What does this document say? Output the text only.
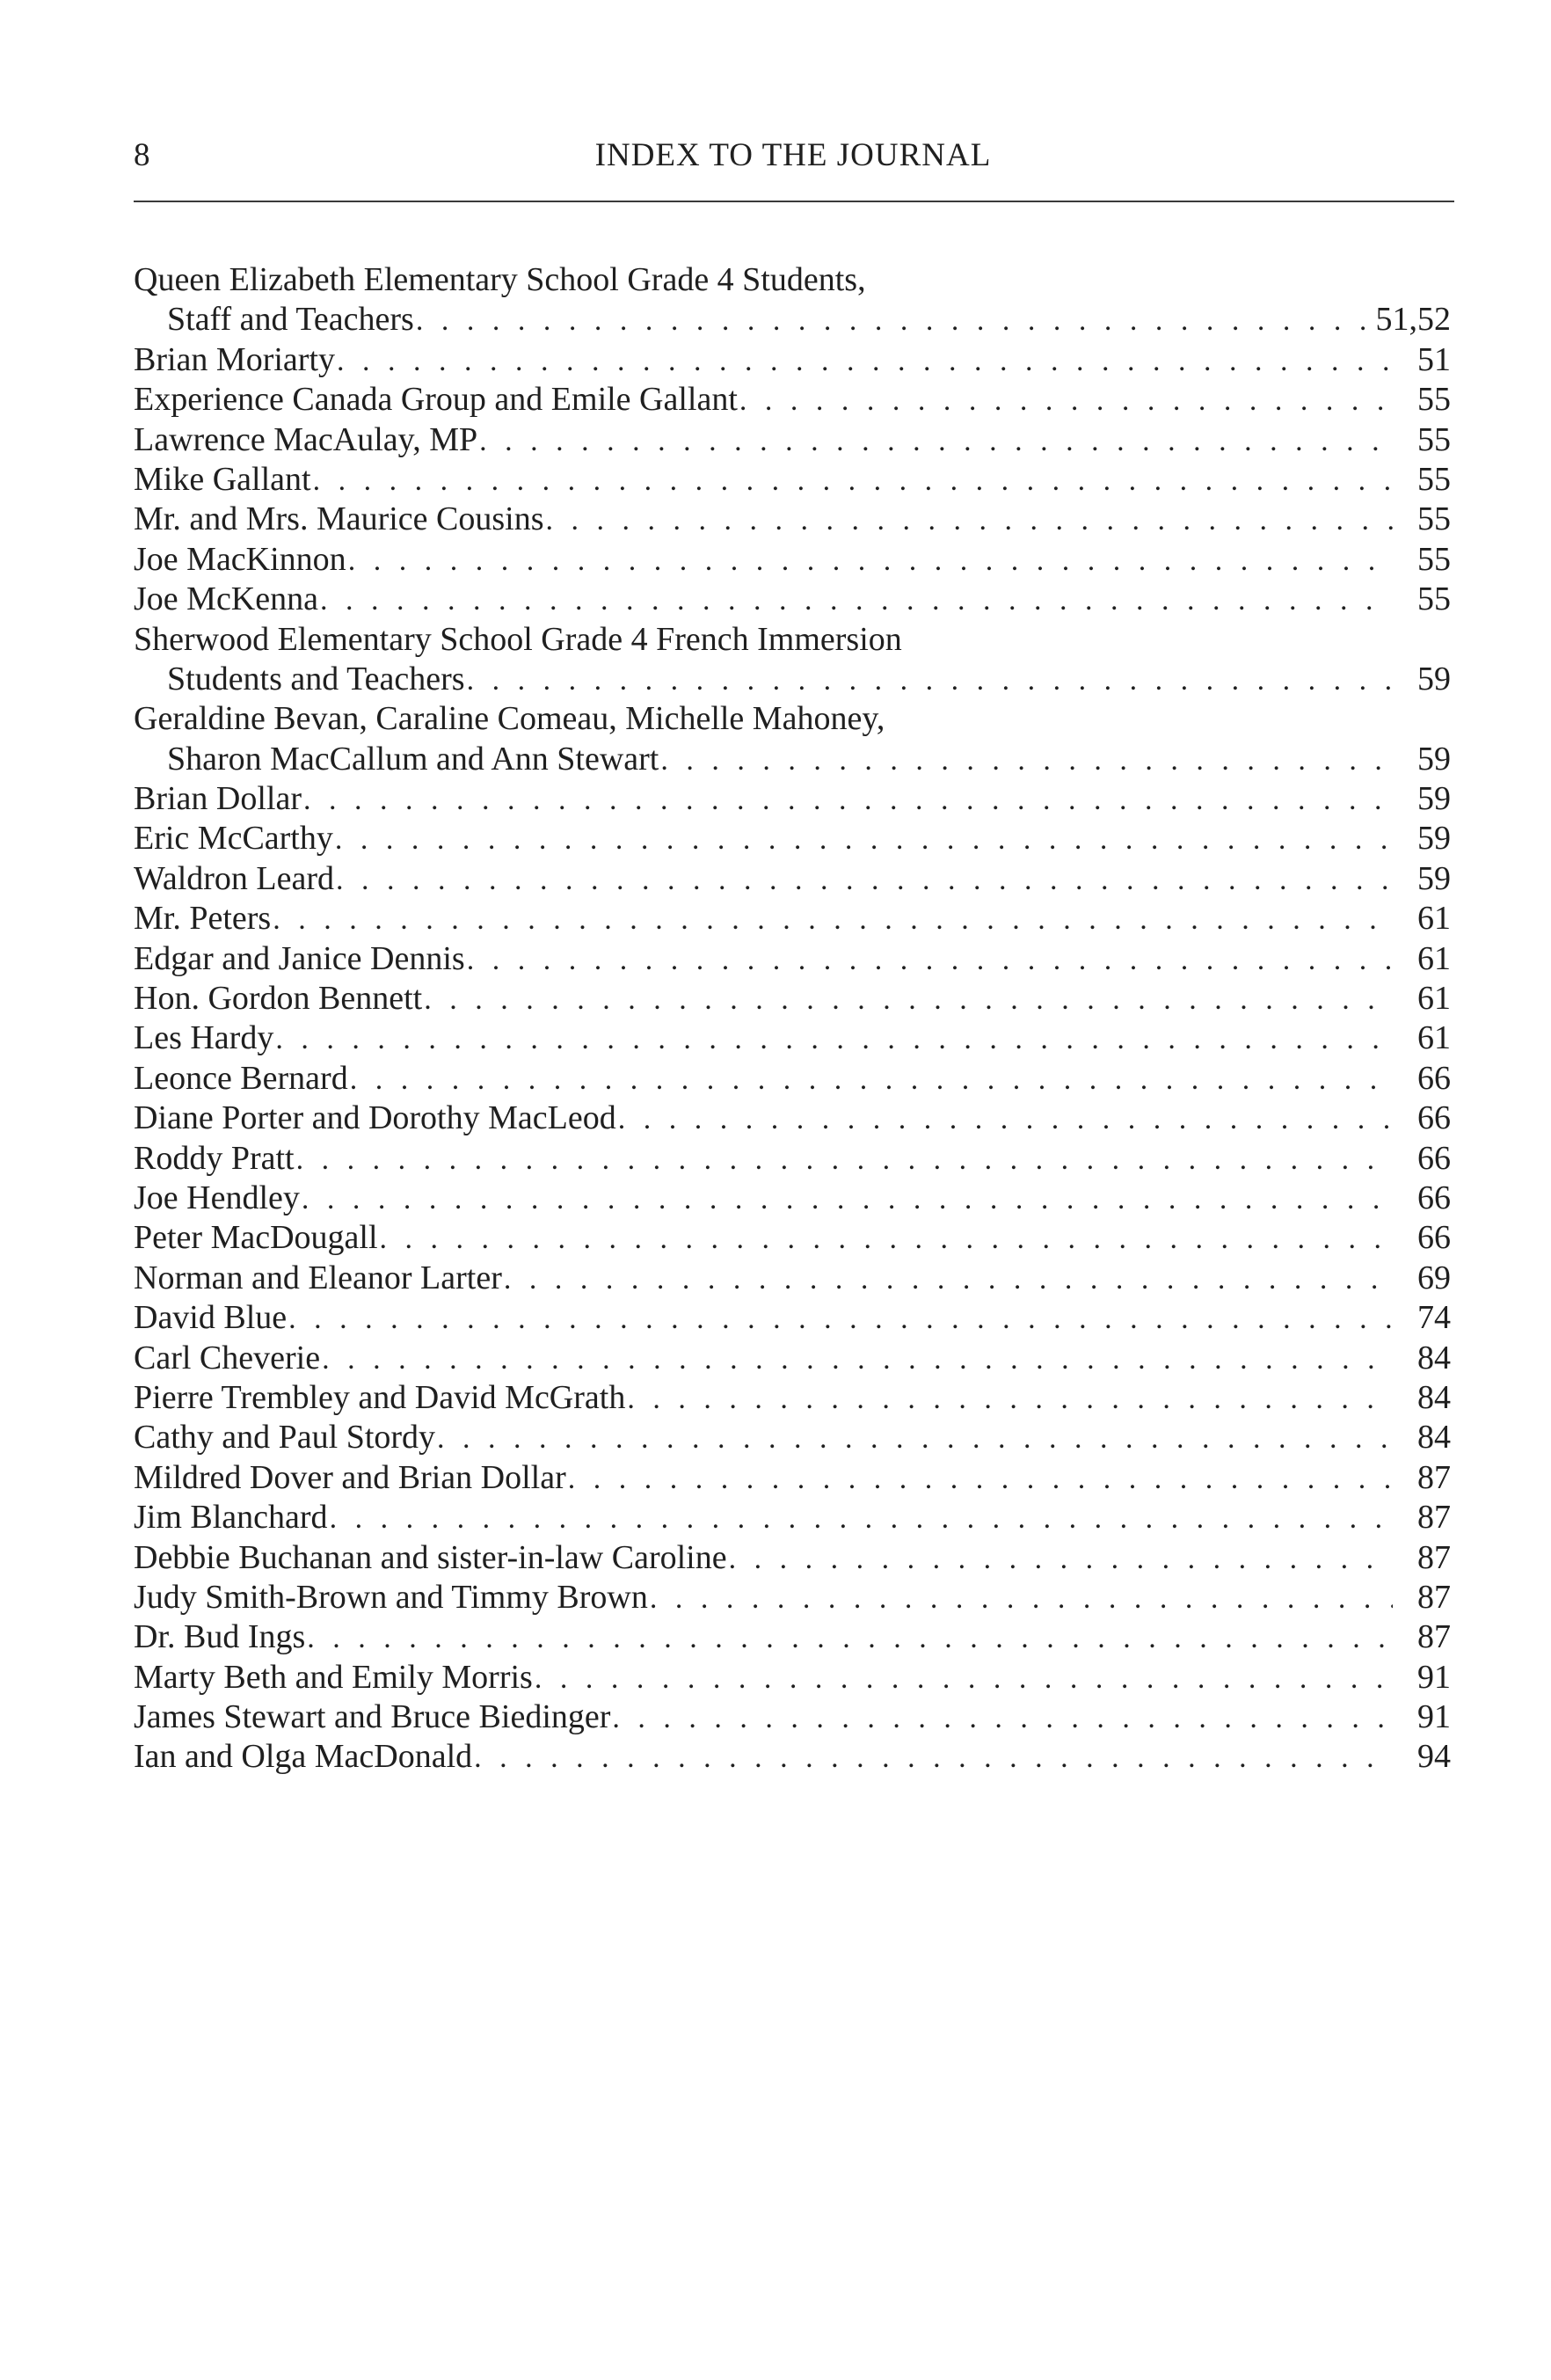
8	INDEX TO THE JOURNAL
Queen Elizabeth Elementary School Grade 4 Students,
Staff and Teachers . . .	51,52
Brian Moriarty . . .	51
Experience Canada Group and Emile Gallant . . .	55
Lawrence MacAulay, MP . . .	55
Mike Gallant . . .	55
Mr. and Mrs. Maurice Cousins . . .	55
Joe MacKinnon . . .	55
Joe McKenna . . .	55
Sherwood Elementary School Grade 4 French Immersion
Students and Teachers . . .	59
Geraldine Bevan, Caraline Comeau, Michelle Mahoney,
Sharon MacCallum and Ann Stewart . . .	59
Brian Dollar . . .	59
Eric McCarthy . . .	59
Waldron Leard . . .	59
Mr. Peters . . .	61
Edgar and Janice Dennis . . .	61
Hon. Gordon Bennett . . .	61
Les Hardy . . .	61
Leonce Bernard . . .	66
Diane Porter and Dorothy MacLeod . . .	66
Roddy Pratt . . .	66
Joe Hendley . . .	66
Peter MacDougall . . .	66
Norman and Eleanor Larter . . .	69
David Blue . . .	74
Carl Cheverie . . .	84
Pierre Trembley and David McGrath . . .	84
Cathy and Paul Stordy . . .	84
Mildred Dover and Brian Dollar . . .	87
Jim Blanchard . . .	87
Debbie Buchanan and sister-in-law Caroline . . .	87
Judy Smith-Brown and Timmy Brown . . .	87
Dr. Bud Ings . . .	87
Marty Beth and Emily Morris . . .	91
James Stewart and Bruce Biedinger . . .	91
Ian and Olga MacDonald . . .	94
